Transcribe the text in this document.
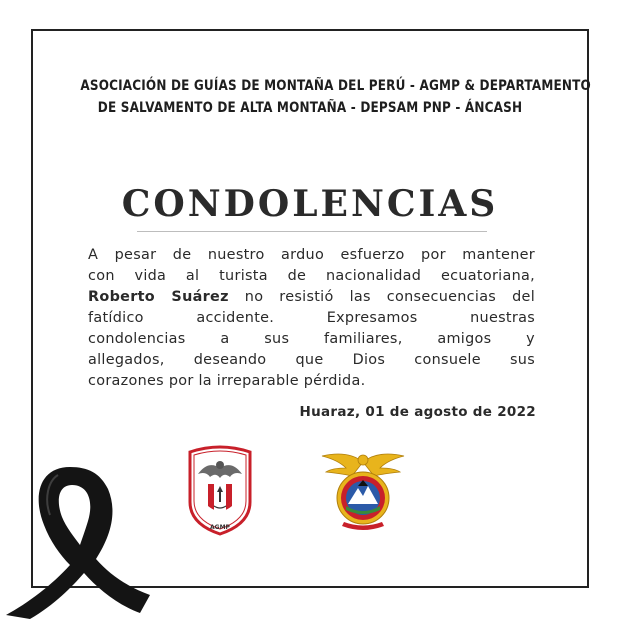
ASOCIACIÓN DE GUÍAS DE MONTAÑA DEL PERÚ - AGMP & DEPARTAMENTO
DE SALVAMENTO DE ALTA MONTAÑA - DEPSAM PNP - ÁNCASH
CONDOLENCIAS
A pesar de nuestro arduo esfuerzo por mantener
con vida al turista de nacionalidad ecuatoriana,
Roberto Suárez no resistió las consecuencias del
fatídico accidente. Expresamos nuestras
condolencias a sus familiares, amigos y
allegados, deseando que Dios consuele sus
corazones por la irreparable pérdida.
Huaraz, 01 de agosto de 2022
AGMP
